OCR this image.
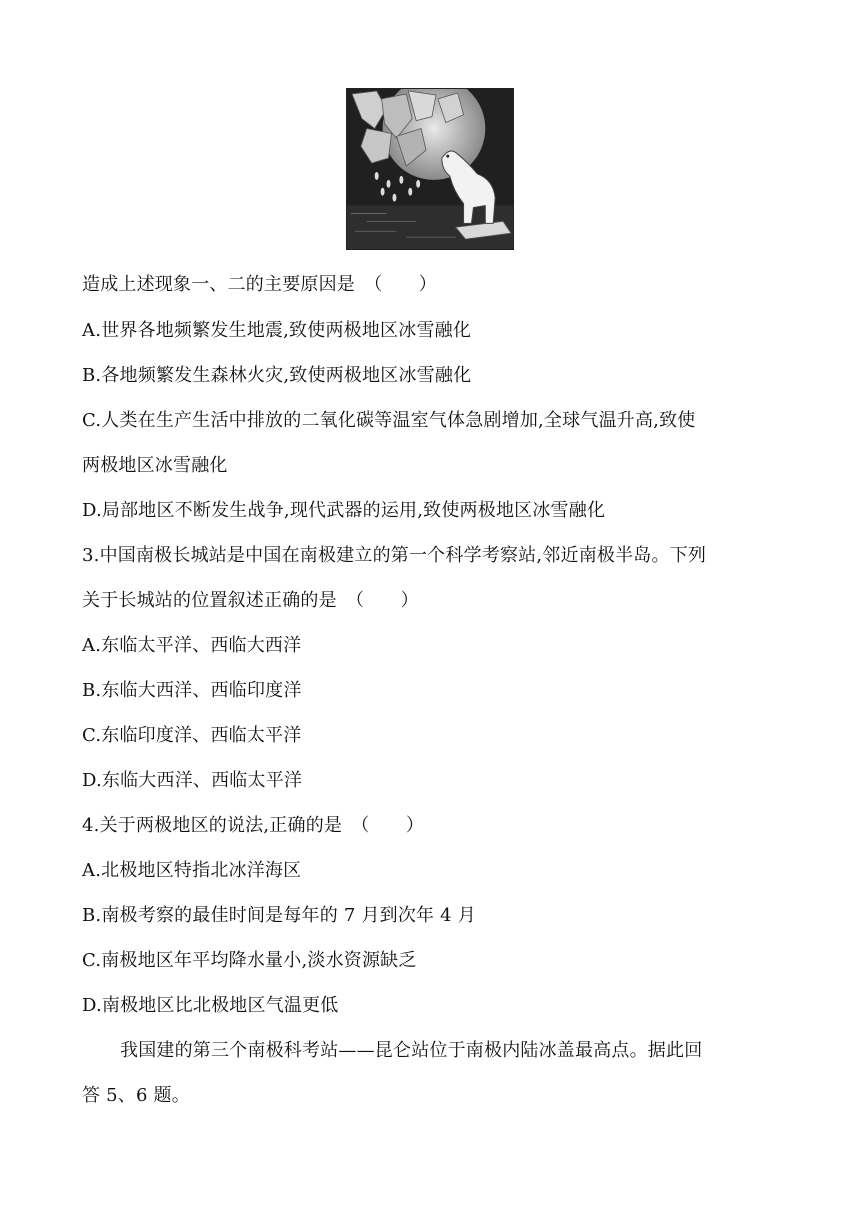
造成上述现象一、二的主要原因是　（　　）
A.世界各地频繁发生地震,致使两极地区冰雪融化
B.各地频繁发生森林火灾,致使两极地区冰雪融化
C.人类在生产生活中排放的二氧化碳等温室气体急剧增加,全球气温升高,致使
两极地区冰雪融化
D.局部地区不断发生战争,现代武器的运用,致使两极地区冰雪融化
3.中国南极长城站是中国在南极建立的第一个科学考察站,邻近南极半岛。下列
关于长城站的位置叙述正确的是　（　　）
A.东临太平洋、西临大西洋
B.东临大西洋、西临印度洋
C.东临印度洋、西临太平洋
D.东临大西洋、西临太平洋
4.关于两极地区的说法,正确的是　（　　）
A.北极地区特指北冰洋海区
B.南极考察的最佳时间是每年的 7 月到次年 4 月
C.南极地区年平均降水量小,淡水资源缺乏
D.南极地区比北极地区气温更低
我国建的第三个南极科考站——昆仑站位于南极内陆冰盖最高点。据此回
答 5、6 题。
